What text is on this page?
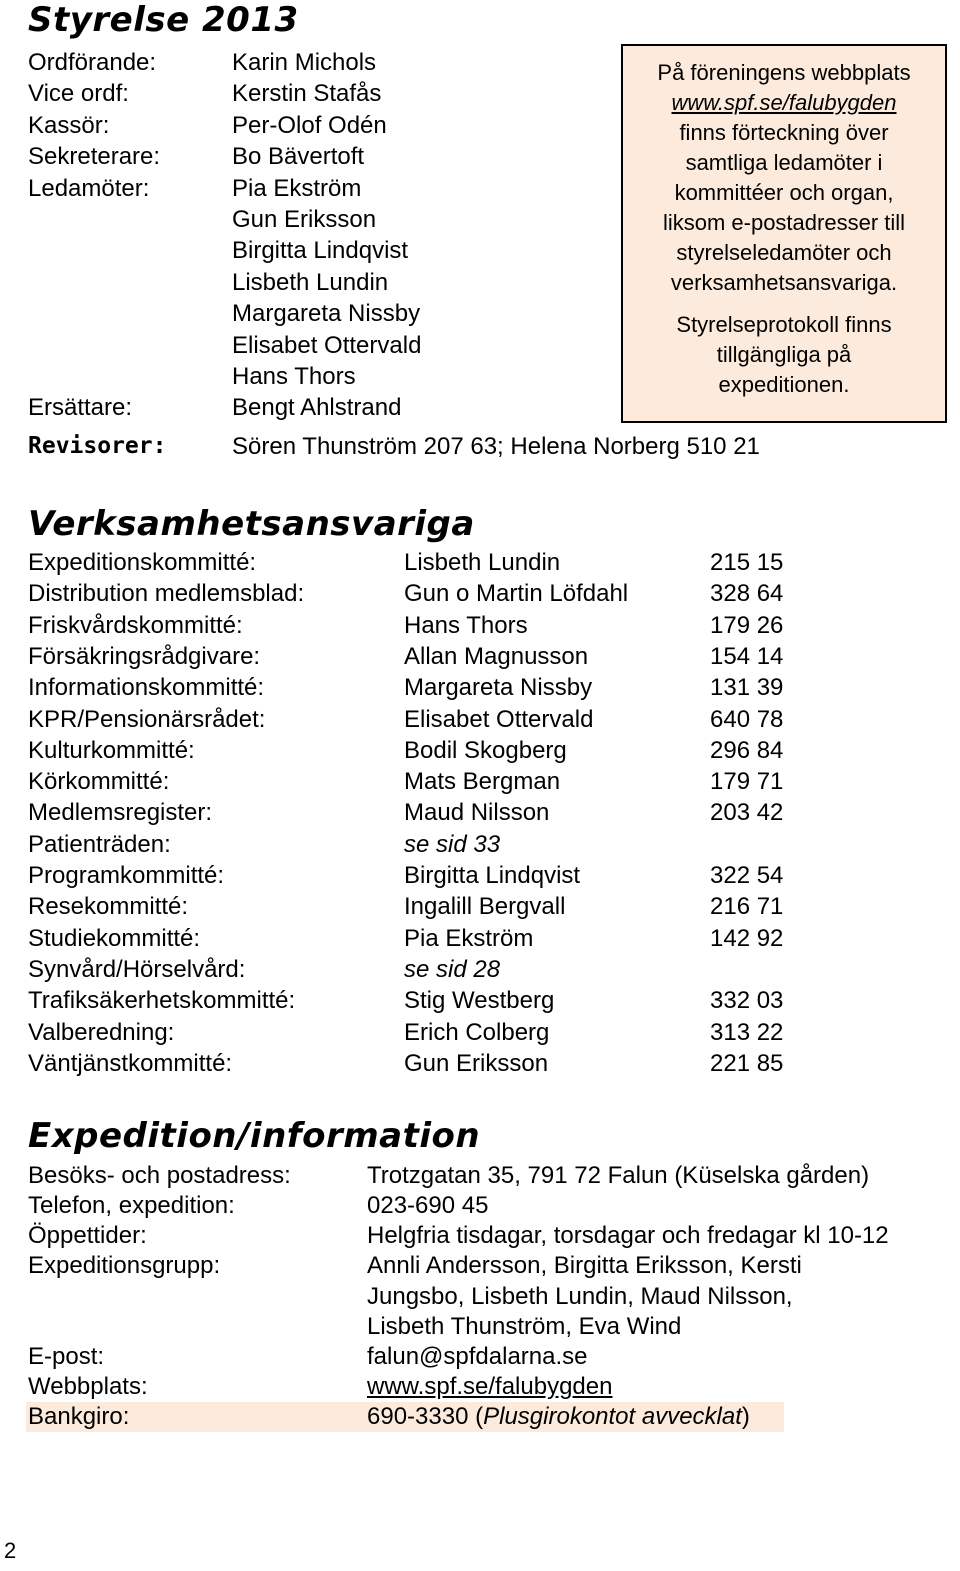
Styrelse 2013
Ordförande:	Karin Michols
Vice ordf:	Kerstin Stafås
Kassör:	Per-Olof Odén
Sekreterare:	Bo Bävertoft
Ledamöter:	Pia Ekström
Gun Eriksson
Birgitta Lindqvist
Lisbeth Lundin
Margareta Nissby
Elisabet Ottervald
Hans Thors
Ersättare:	Bengt Ahlstrand
Revisorer:	Sören Thunström 207 63; Helena Norberg 510 21

På föreningens webbplats
www.spf.se/falubygden
finns förteckning över
samtliga ledamöter i
kommittéer och organ,
liksom e-postadresser till
styrelseledamöter och
verksamhetsansvariga.

Styrelseprotokoll finns
tillgängliga på
expeditionen.

Verksamhetsansvariga
Expeditionskommitté:	Lisbeth Lundin	215 15
Distribution medlemsblad:	Gun o Martin Löfdahl	328 64
Friskvårdskommitté:	Hans Thors	179 26
Försäkringsrådgivare:	Allan Magnusson	154 14
Informationskommitté:	Margareta Nissby	131 39
KPR/Pensionärsrådet:	Elisabet Ottervald	640 78
Kulturkommitté:	Bodil Skogberg	296 84
Körkommitté:	Mats Bergman	179 71
Medlemsregister:	Maud Nilsson	203 42
Patienträden:	se sid 33
Programkommitté:	Birgitta Lindqvist	322 54
Resekommitté:	Ingalill Bergvall	216 71
Studiekommitté:	Pia Ekström	142 92
Synvård/Hörselvård:	se sid 28
Trafiksäkerhetskommitté:	Stig Westberg	332 03
Valberedning:	Erich Colberg	313 22
Väntjänstkommitté:	Gun Eriksson	221 85
Expedition/information
Besöks- och postadress:	Trotzgatan 35, 791 72 Falun (Küselska gården)
Telefon, expedition:	023-690 45
Öppettider:	Helgfria tisdagar, torsdagar och fredagar kl 10-12
Expeditionsgrupp:	Annli Andersson, Birgitta Eriksson, Kersti
Jungsbo, Lisbeth Lundin, Maud Nilsson,
Lisbeth Thunström, Eva Wind
E-post:	falun@spfdalarna.se
Webbplats:	www.spf.se/falubygden
Bankgiro:	690-3330 (Plusgirokontot avvecklat)
2
